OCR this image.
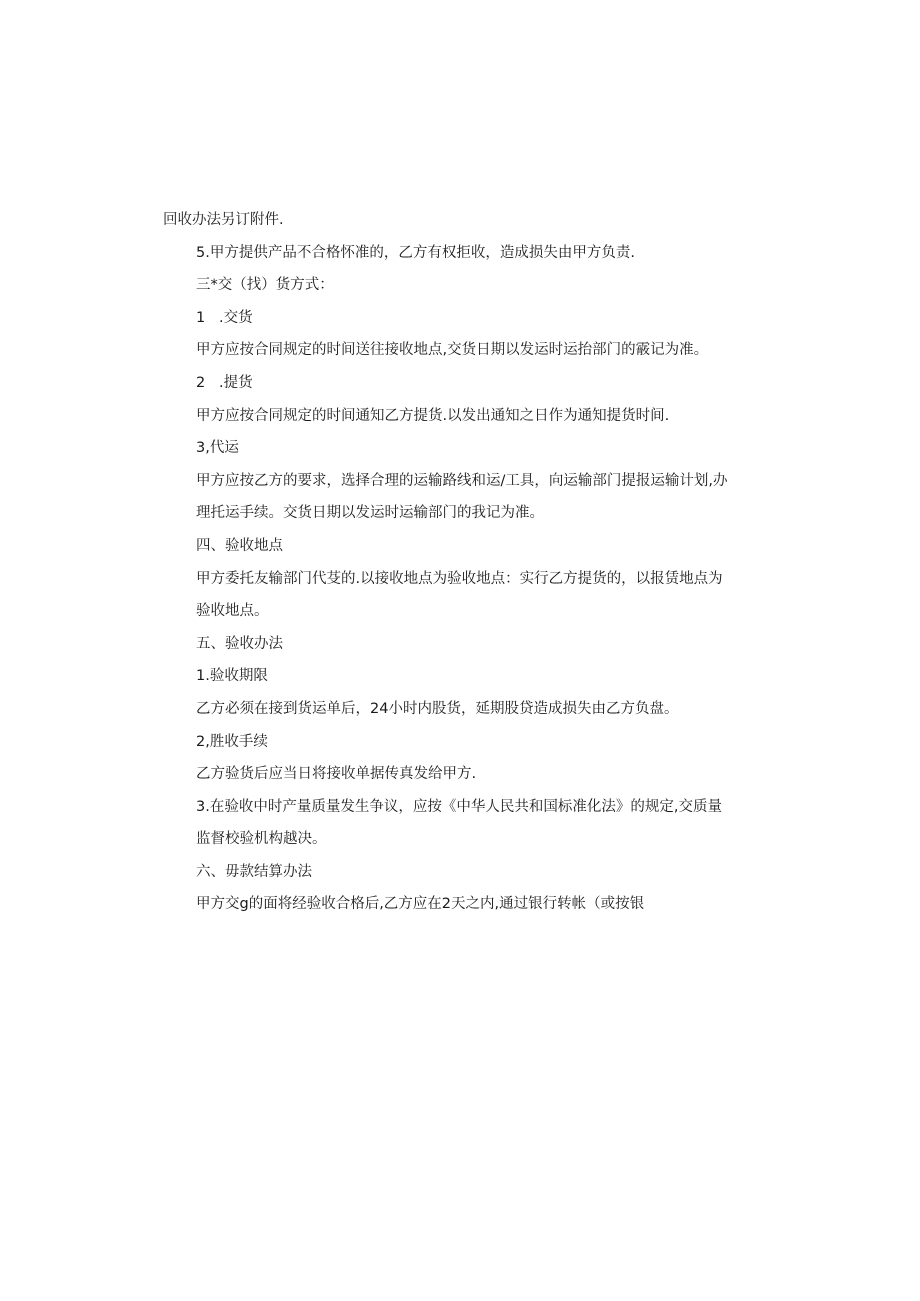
回收办法另订附件.
5.甲方提供产品不合格怀准的，乙方有权拒收，造成损失由甲方负责.
三*交（找）货方式：
1   .交货
甲方应按合同规定的时间送往接收地点,交货日期以发运时运抬部门的霰记为准。
2   .提货
甲方应按合同规定的时间通知乙方提货.以发出通知之日作为通知提货时间.
3,代运
甲方应按乙方的要求，选择合理的运输路线和运/工具，向运输部门提报运输计划,办
理托运手续。交货日期以发运时运输部门的我记为准。
四、验收地点
甲方委托友输部门代芟的.以接收地点为验收地点：实行乙方提货的，以报赁地点为
验收地点。
五、验收办法
1.验收期限
乙方必须在接到货运单后，24小时内股货，延期股贷造成损失由乙方负盘。
2,胜收手续
乙方验货后应当日将接收单据传真发给甲方.
3.在验收中时产量质量发生争议，应按《中华人民共和国标准化法》的规定,交质量
监督校验机构越决。
六、毋款结算办法
甲方交g的面将经验收合格后,乙方应在2天之内,通过银行转帐（或按银
